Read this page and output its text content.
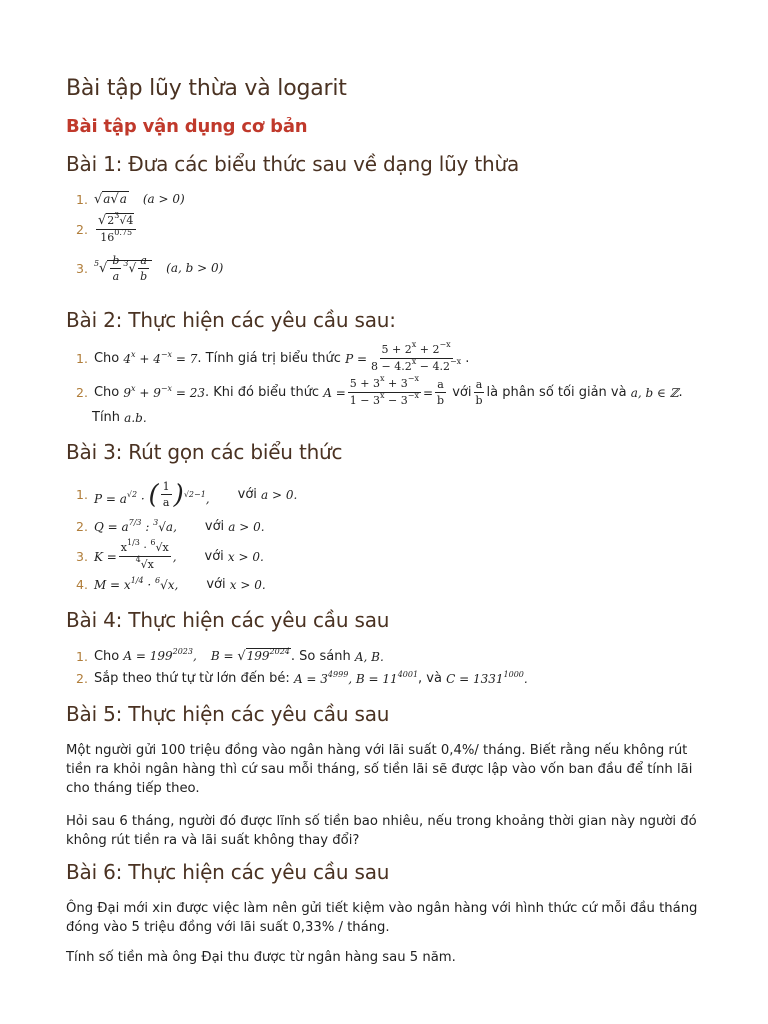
Bài tập lũy thừa và logarit
Bài tập vận dụng cơ bản
Bài 1: Đưa các biểu thức sau về dạng lũy thừa
1. √a√a (a > 0)
2. $\frac{√2^3√4}{16^{0.75}}$
3. $^5√ \frac{b}{a} ^3√ \frac{a}{b} (a$, b > 0)
Bài 2: Thực hiện các yêu cầu sau:
1. Cho
$4^x + 4^{-x} = 7$ . Tính giá trị biểu thức
$P = \frac{5 + 2^x + 2^{-x}}{8 - 4.2^x - 4.2^{-x}}$ .
2. Cho
$9^x + 9^{-x} = 23$ . Khi đó biểu thức
$A = \frac{5 + 3^x + 3^{-x}}{1 - 3^x - 3^{-x}} = \frac{a}{b}$
với $\frac{a}{b}$ là phân số tối giản và
a, b ∈ ℤ .
Tính
a.b.
Bài 3: Rút gọn các biểu thức
1. $P = a^{√2}$ · ( $\frac{1}{a} )^{√2-1}$, với
a > 0.
2. $Q = a^{7/3}$ : $^3$√a, với
a > 0.
3. $K = \frac{x^{1/3} \cdot ^6√x}{^4√x}$ , với
x > 0.
4. $M = x^{1/4} \cdot ^6√x$, với
x > 0.
Bài 4: Thực hiện các yêu cầu sau
1. Cho
$A = 199^{2023}$, $B = √199^{2024}$ . So sánh
A, B.
2. Sắp theo thứ tự từ lớn đến bé:
$A = 3^{4999}$, $B = 11^{4001}$ , và
$C = 1331^{1000}$.
Bài 5: Thực hiện các yêu cầu sau

Một người gửi 100 triệu đồng vào ngân hàng với lãi suất 0,4%/ tháng. Biết rằng nếu không rút tiền ra khỏi ngân hàng thì cứ sau mỗi tháng, số tiền lãi sẽ được lập vào vốn ban đầu để tính lãi cho tháng tiếp theo.

Hỏi sau 6 tháng, người đó được lĩnh số tiền bao nhiêu, nếu trong khoảng thời gian này người đó không rút tiền ra và lãi suất không thay đổi?

Bài 6: Thực hiện các yêu cầu sau

Ông Đại mới xin được việc làm nên gửi tiết kiệm vào ngân hàng với hình thức cứ mỗi đầu tháng đóng vào 5 triệu đồng với lãi suất 0,33% / tháng.

Tính số tiền mà ông Đại thu được từ ngân hàng sau 5 năm.
